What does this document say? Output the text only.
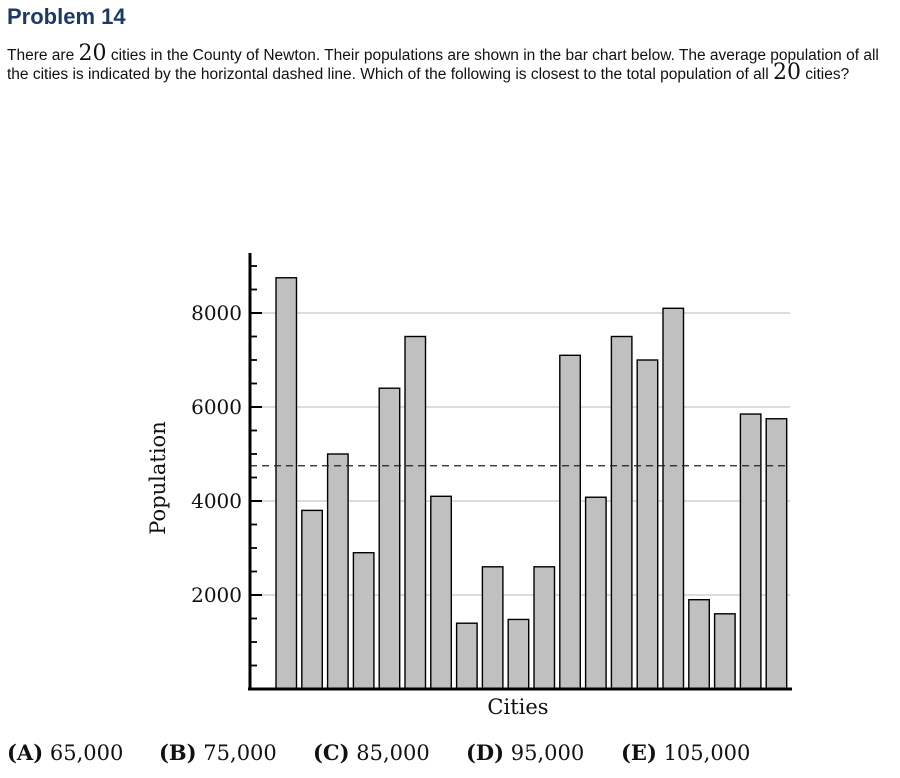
Problem 14
There are 20 cities in the County of Newton. Their populations are shown in the bar chart below. The average population of all the cities is indicated by the horizontal dashed line. Which of the following is closest to the total population of all 20 cities?
2000
4000
6000
8000
Population
Cities
(A) 65,000 (B) 75,000 (C) 85,000 (D) 95,000 (E) 105,000
